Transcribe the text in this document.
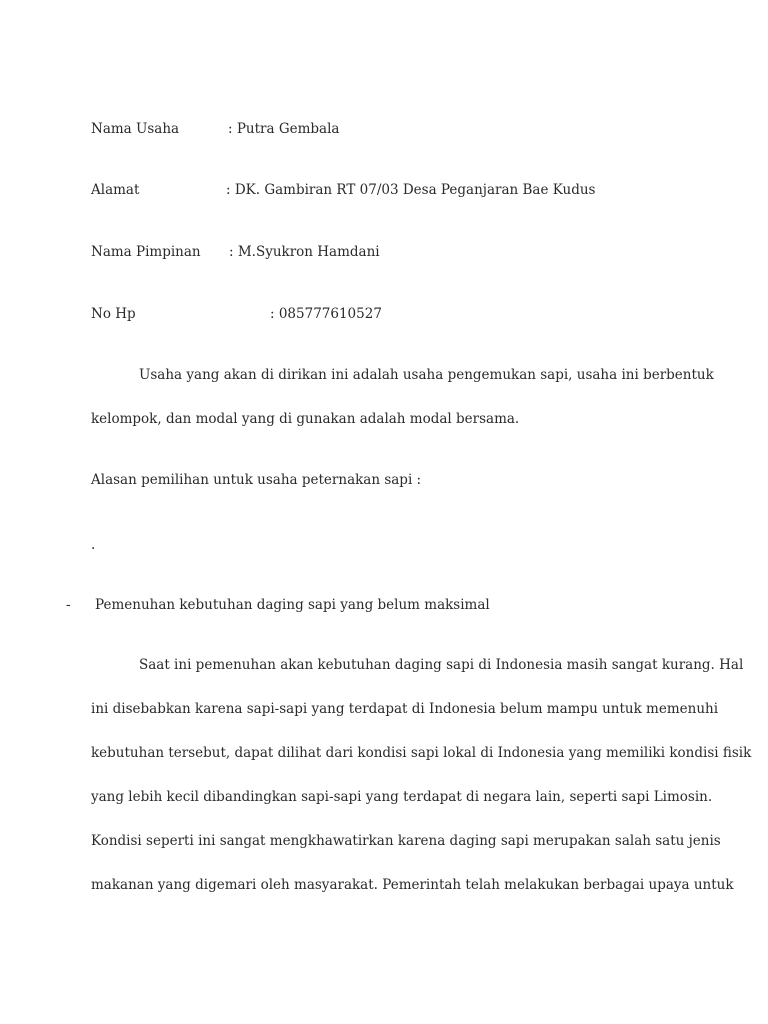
Nama Usaha	: Putra Gembala
Alamat	: DK. Gambiran RT 07/03 Desa Peganjaran Bae Kudus
Nama Pimpinan : M.Syukron Hamdani
No Hp	: 085777610527
Usaha yang akan di dirikan ini adalah usaha pengemukan sapi, usaha ini berbentuk
kelompok, dan modal yang di gunakan adalah modal bersama.
Alasan pemilihan untuk usaha peternakan sapi :
.
- Pemenuhan kebutuhan daging sapi yang belum maksimal
Saat ini pemenuhan akan kebutuhan daging sapi di Indonesia masih sangat kurang. Hal
ini disebabkan karena sapi-sapi yang terdapat di Indonesia belum mampu untuk memenuhi
kebutuhan tersebut, dapat dilihat dari kondisi sapi lokal di Indonesia yang memiliki kondisi fisik
yang lebih kecil dibandingkan sapi-sapi yang terdapat di negara lain, seperti sapi Limosin.
Kondisi seperti ini sangat mengkhawatirkan karena daging sapi merupakan salah satu jenis
makanan yang digemari oleh masyarakat. Pemerintah telah melakukan berbagai upaya untuk
